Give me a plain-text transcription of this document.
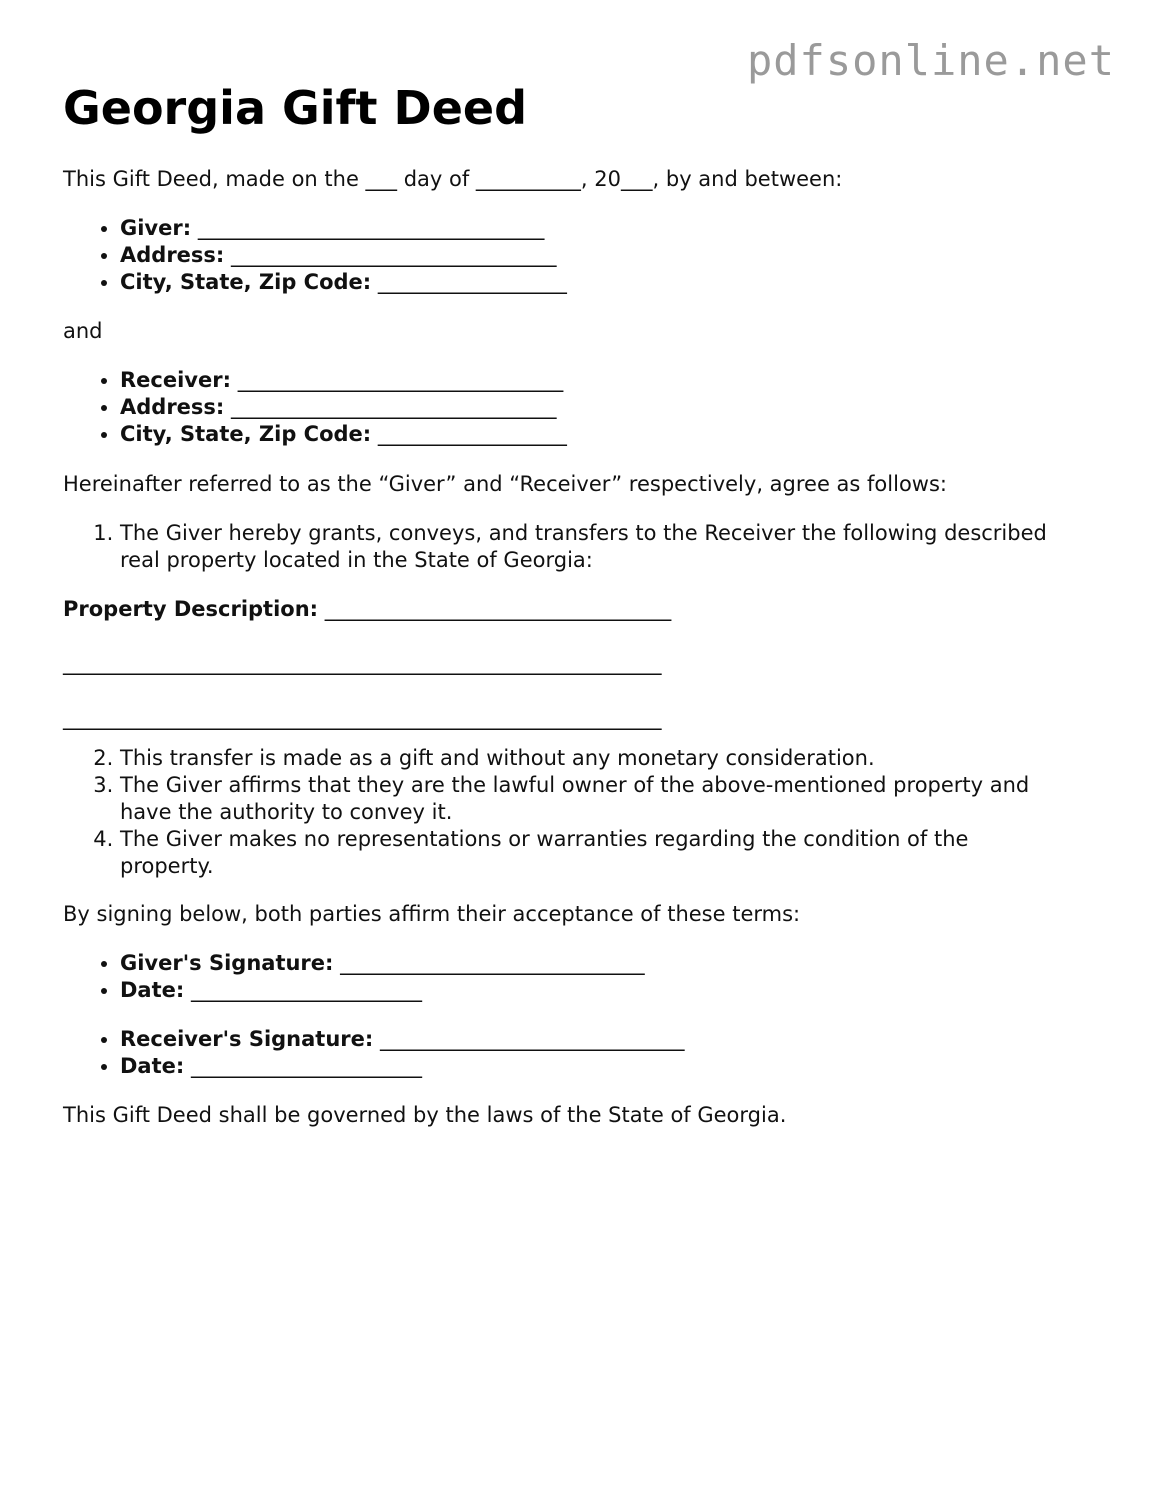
pdfsonline.net
Georgia Gift Deed

This Gift Deed, made on the ___ day of __________, 20___, by and between:

• Giver: _________________________________
• Address: _______________________________
• City, State, Zip Code: __________________

and

• Receiver: _______________________________
• Address: _______________________________
• City, State, Zip Code: __________________

Hereinafter referred to as the “Giver” and “Receiver” respectively, agree as follows:

1. The Giver hereby grants, conveys, and transfers to the Receiver the following described real property located in the State of Georgia:

Property Description: _________________________________

_________________________________________________________

_________________________________________________________

2. This transfer is made as a gift and without any monetary consideration.
3. The Giver affirms that they are the lawful owner of the above-mentioned property and have the authority to convey it.
4. The Giver makes no representations or warranties regarding the condition of the property.

By signing below, both parties affirm their acceptance of these terms:

• Giver's Signature: _____________________________
• Date: ______________________
• Receiver's Signature: _____________________________
• Date: ______________________

This Gift Deed shall be governed by the laws of the State of Georgia.
